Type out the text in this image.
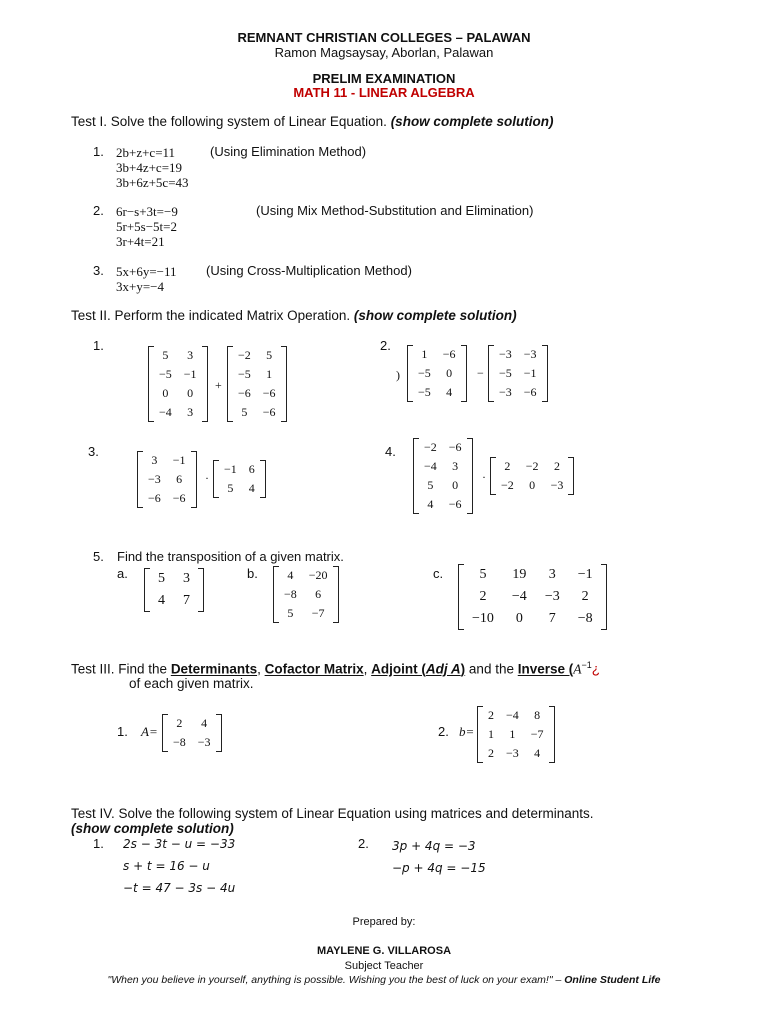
REMNANT CHRISTIAN COLLEGES – PALAWAN
Ramon Magsaysay, Aborlan, Palawan
PRELIM EXAMINATION
MATH 11 - LINEAR ALGEBRA
Test I. Solve the following system of Linear Equation. (show complete solution)
1. 2b+z+c=11
3b+4z+c=19
3b+6z+5c=43
(Using Elimination Method)
2. 6r−s+3t=−9
5r+5s−5t=2
3r+4t=21
(Using Mix Method-Substitution and Elimination)
3. 5x+6y=−11
3x+y=−4
(Using Cross-Multiplication Method)
Test II. Perform the indicated Matrix Operation. (show complete solution)
1.
5	3
−5	−1
0	0
−4	3
+
−2	5
−5	1
−6	−6
5	−6
2.
)
1	−6
−5	0
−5	4
−
−3	−3
−5	−1
−3	−6
3.
3	−1
−3	6
−6	−6
·
−1	6
5	4
4. −2	−6
−4	3
5	0
4	−6
·
2	−2	2
−2	0	−3
5. Find the transposition of a given matrix.
a. 5	3
4	7
b. 4	−20
−8	6
5	−7
c.	5	19	3	−1
2	−4	−3	2
−10	0	7	−8
Test III. Find the Determinants, Cofactor Matrix, Adjoint (Adj A) and the Inverse ($A^{-1}¿$
of each given matrix.
1. A=
2	4
−8	−3
2. b=
2	−4	8
1	1	−7
2	−3	4
Test IV. Solve the following system of Linear Equation using matrices and determinants.
(show complete solution)
1. 2s − 3t − u = −33
s + t = 16 − u
−t = 47 − 3s − 4u
2. 3p + 4q = −3
−p + 4q = −15
Prepared by:
MAYLENE G. VILLAROSA
Subject Teacher
"When you believe in yourself, anything is possible. Wishing you the best of luck on your exam!" – Online Student Life
